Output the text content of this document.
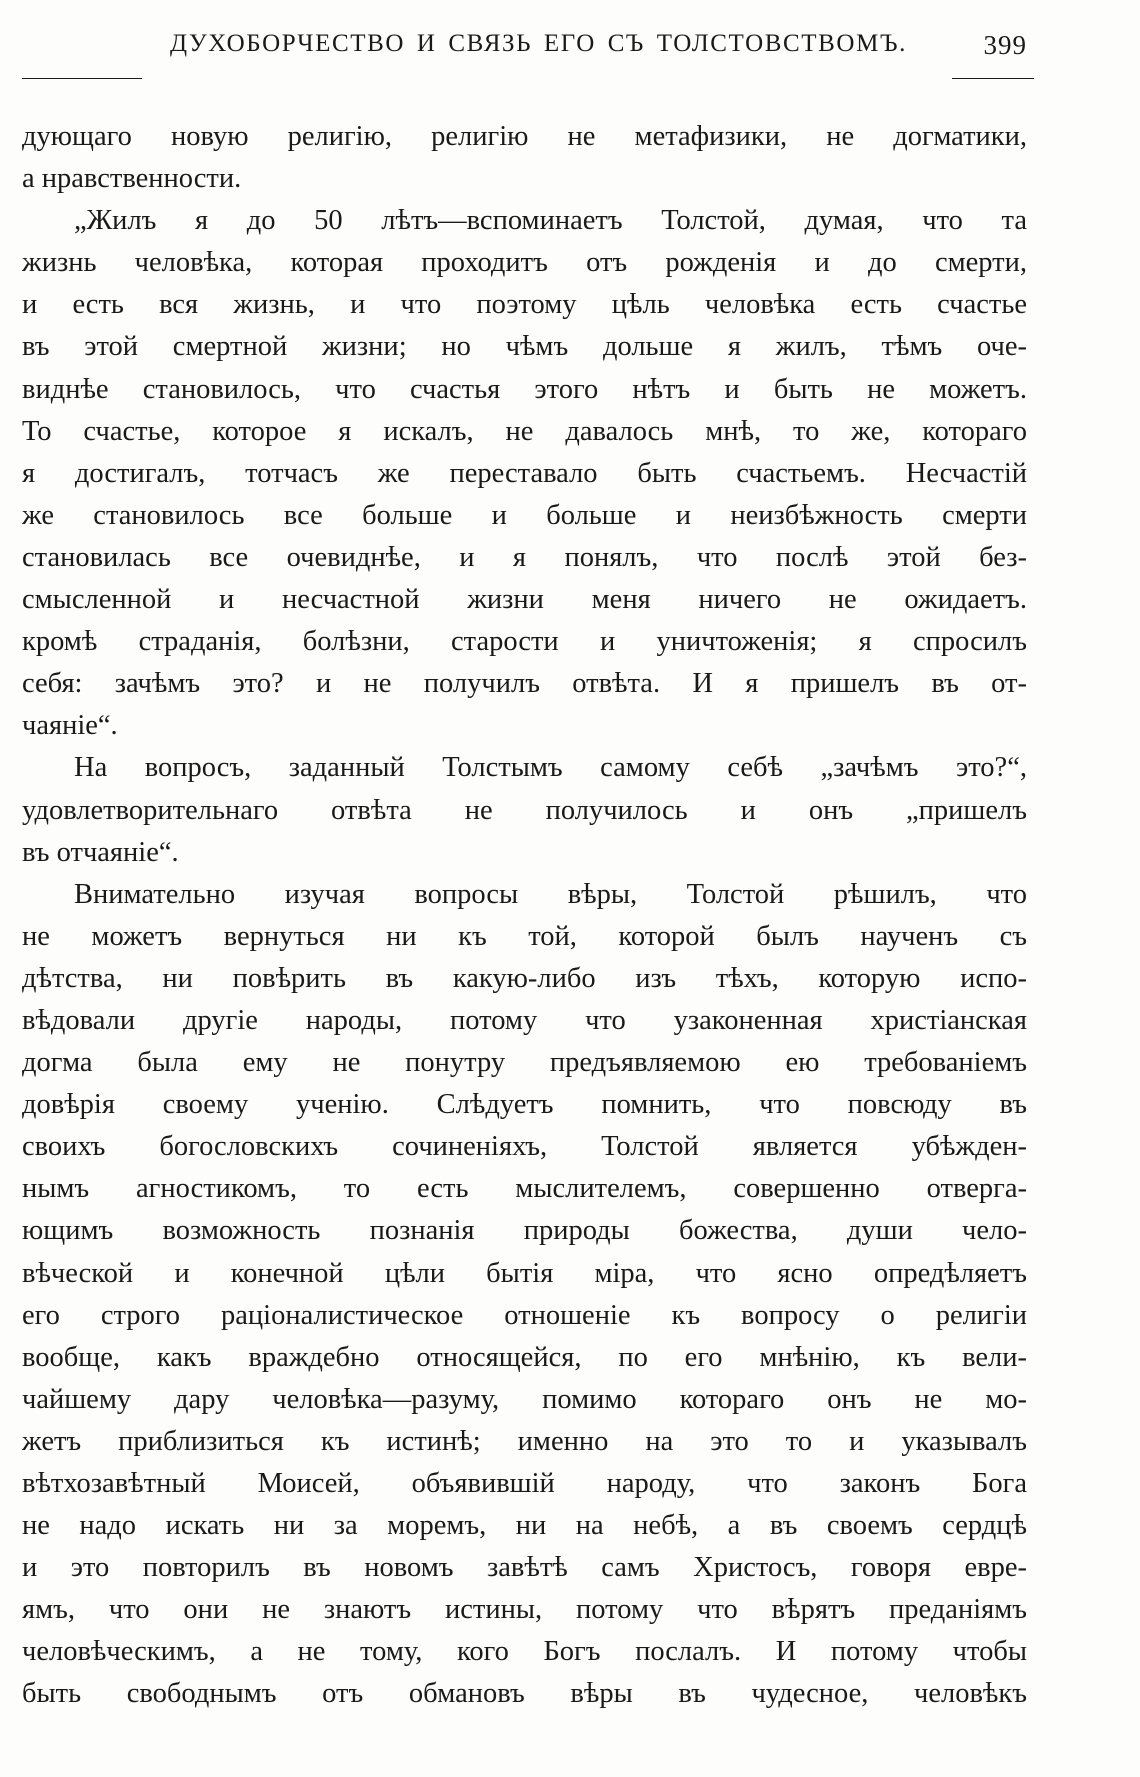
ДУХОБОРЧЕСТВО И СВЯЗЬ ЕГО СЪ ТОЛСТОВСТВОМЪ.	399
дующаго новую религію, религію не метафизики, не догматики,
а нравственности.
„Жилъ я до 50 лѣтъ—вспоминаетъ Толстой, думая, что та
жизнь человѣка, которая проходитъ отъ рожденія и до смерти,
и есть вся жизнь, и что поэтому цѣль человѣка есть счастье
въ этой смертной жизни; но чѣмъ дольше я жилъ, тѣмъ оче-
виднѣе становилось, что счастья этого нѣтъ и быть не можетъ.
То счастье, которое я искалъ, не давалось мнѣ, то же, котораго
я достигалъ, тотчасъ же переставало быть счастьемъ. Несчастій
же становилось все больше и больше и неизбѣжность смерти
становилась все очевиднѣе, и я понялъ, что послѣ этой без-
смысленной и несчастной жизни меня ничего не ожидаетъ.
кромѣ страданія, болѣзни, старости и уничтоженія; я спросилъ
себя: зачѣмъ это? и не получилъ отвѣта. И я пришелъ въ от-
чаяніе“.
На вопросъ, заданный Толстымъ самому себѣ „зачѣмъ это?“,
удовлетворительнаго отвѣта не получилось и онъ „пришелъ
въ отчаяніе“.
Внимательно изучая вопросы вѣры, Толстой рѣшилъ, что
не можетъ вернуться ни къ той, которой былъ наученъ съ
дѣтства, ни повѣрить въ какую-либо изъ тѣхъ, которую испо-
вѣдовали другіе народы, потому что узаконенная христіанская
догма была ему не понутру предъявляемою ею требованіемъ
довѣрія своему ученію. Слѣдуетъ помнить, что повсюду въ
своихъ богословскихъ сочиненіяхъ, Толстой является убѣжден-
нымъ агностикомъ, то есть мыслителемъ, совершенно отверга-
ющимъ возможность познанія природы божества, души чело-
вѣческой и конечной цѣли бытія міра, что ясно опредѣляетъ
его строго раціоналистическое отношеніе къ вопросу о религіи
вообще, какъ враждебно относящейся, по его мнѣнію, къ вели-
чайшему дару человѣка—разуму, помимо котораго онъ не мо-
жетъ приблизиться къ истинѣ; именно на это то и указывалъ
вѣтхозавѣтный Моисей, объявившій народу, что законъ Бога
не надо искать ни за моремъ, ни на небѣ, а въ своемъ сердцѣ
и это повторилъ въ новомъ завѣтѣ самъ Христосъ, говоря евре-
ямъ, что они не знаютъ истины, потому что вѣрятъ преданіямъ
человѣческимъ, а не тому, кого Богъ послалъ. И потому чтобы
быть свободнымъ отъ обмановъ вѣры въ чудесное, человѣкъ
